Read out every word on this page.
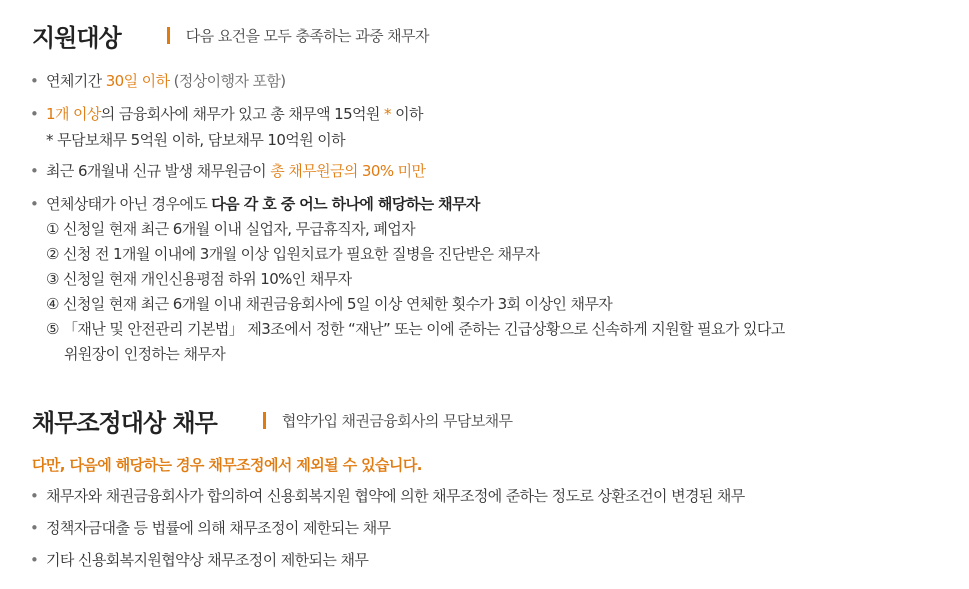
지원대상	다음 요건을 모두 충족하는 과중 채무자
• 연체기간 30일 이하 (정상이행자 포함)
• 1개 이상의 금융회사에 채무가 있고 총 채무액 15억원 * 이하
* 무담보채무 5억원 이하, 담보채무 10억원 이하
• 최근 6개월내 신규 발생 채무원금이 총 채무원금의 30% 미만
• 연체상태가 아닌 경우에도 다음 각 호 중 어느 하나에 해당하는 채무자
① 신청일 현재 최근 6개월 이내 실업자, 무급휴직자, 폐업자
② 신청 전 1개월 이내에 3개월 이상 입원치료가 필요한 질병을 진단받은 채무자
③ 신청일 현재 개인신용평점 하위 10%인 채무자
④ 신청일 현재 최근 6개월 이내 채권금융회사에 5일 이상 연체한 횟수가 3회 이상인 채무자
⑤ 「재난 및 안전관리 기본법」 제3조에서 정한 “재난” 또는 이에 준하는 긴급상황으로 신속하게 지원할 필요가 있다고
위원장이 인정하는 채무자
채무조정대상 채무	협약가입 채권금융회사의 무담보채무
다만, 다음에 해당하는 경우 채무조정에서 제외될 수 있습니다.
• 채무자와 채권금융회사가 합의하여 신용회복지원 협약에 의한 채무조정에 준하는 정도로 상환조건이 변경된 채무
• 정책자금대출 등 법률에 의해 채무조정이 제한되는 채무
• 기타 신용회복지원협약상 채무조정이 제한되는 채무
